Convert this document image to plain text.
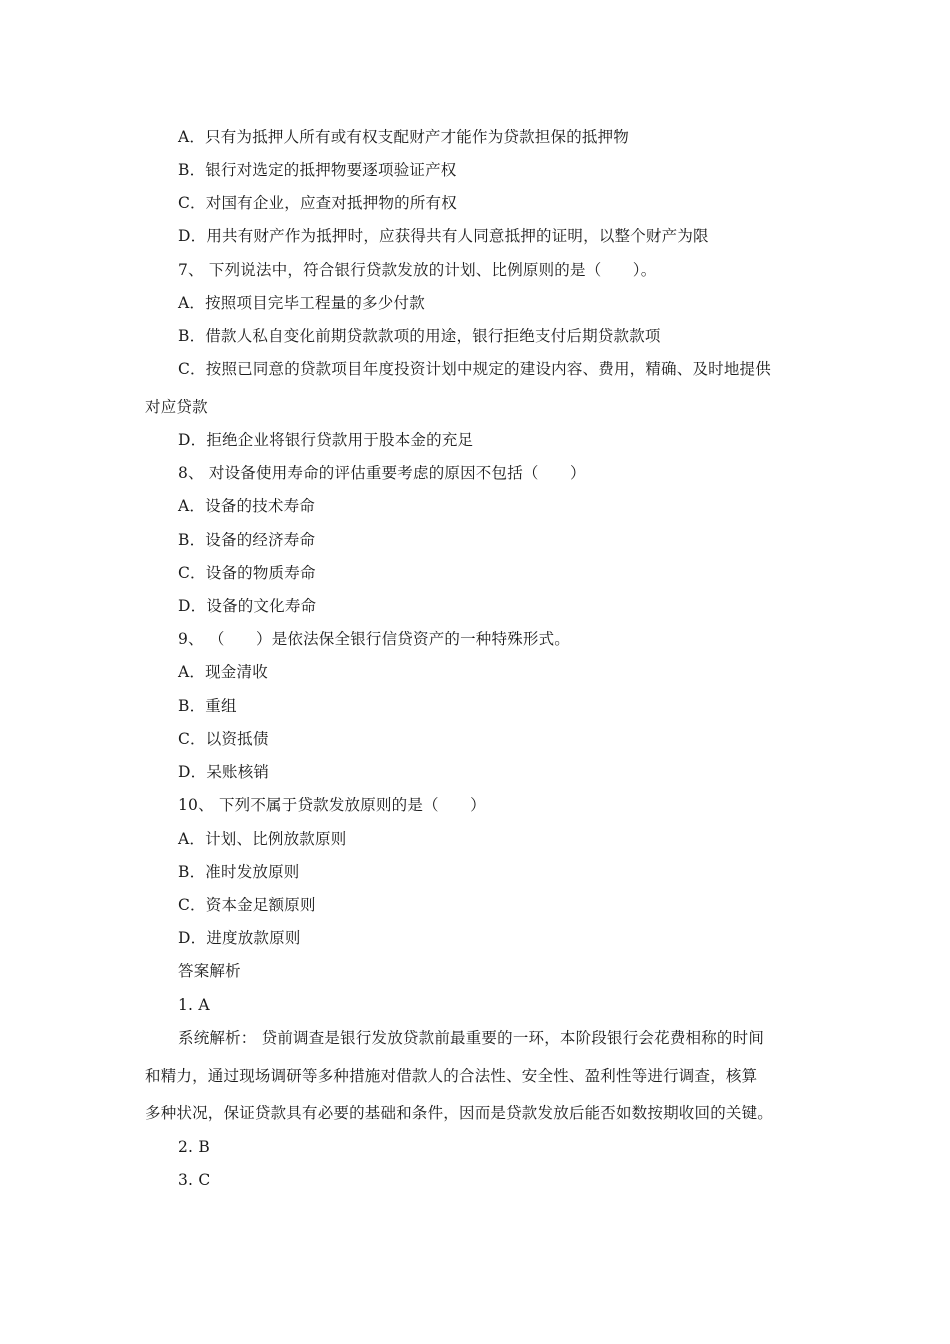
A．只有为抵押人所有或有权支配财产才能作为贷款担保的抵押物
B．银行对选定的抵押物要逐项验证产权
C．对国有企业，应查对抵押物的所有权
D．用共有财产作为抵押时，应获得共有人同意抵押的证明，以整个财产为限
7、 下列说法中，符合银行贷款发放的计划、比例原则的是（　　）。
A．按照项目完毕工程量的多少付款
B．借款人私自变化前期贷款款项的用途，银行拒绝支付后期贷款款项
C．按照已同意的贷款项目年度投资计划中规定的建设内容、费用，精确、及时地提供
对应贷款
D．拒绝企业将银行贷款用于股本金的充足
8、 对设备使用寿命的评估重要考虑的原因不包括（　　）
A．设备的技术寿命
B．设备的经济寿命
C．设备的物质寿命
D．设备的文化寿命
9、 （　　）是依法保全银行信贷资产的一种特殊形式。
A．现金清收
B．重组
C．以资抵债
D．呆账核销
10、 下列不属于贷款发放原则的是（　　）
A．计划、比例放款原则
B．准时发放原则
C．资本金足额原则
D．进度放款原则
答案解析
1. A
系统解析： 贷前调查是银行发放贷款前最重要的一环，本阶段银行会花费相称的时间
和精力，通过现场调研等多种措施对借款人的合法性、安全性、盈利性等进行调查，核算
多种状况，保证贷款具有必要的基础和条件，因而是贷款发放后能否如数按期收回的关键。
2. B
3. C
